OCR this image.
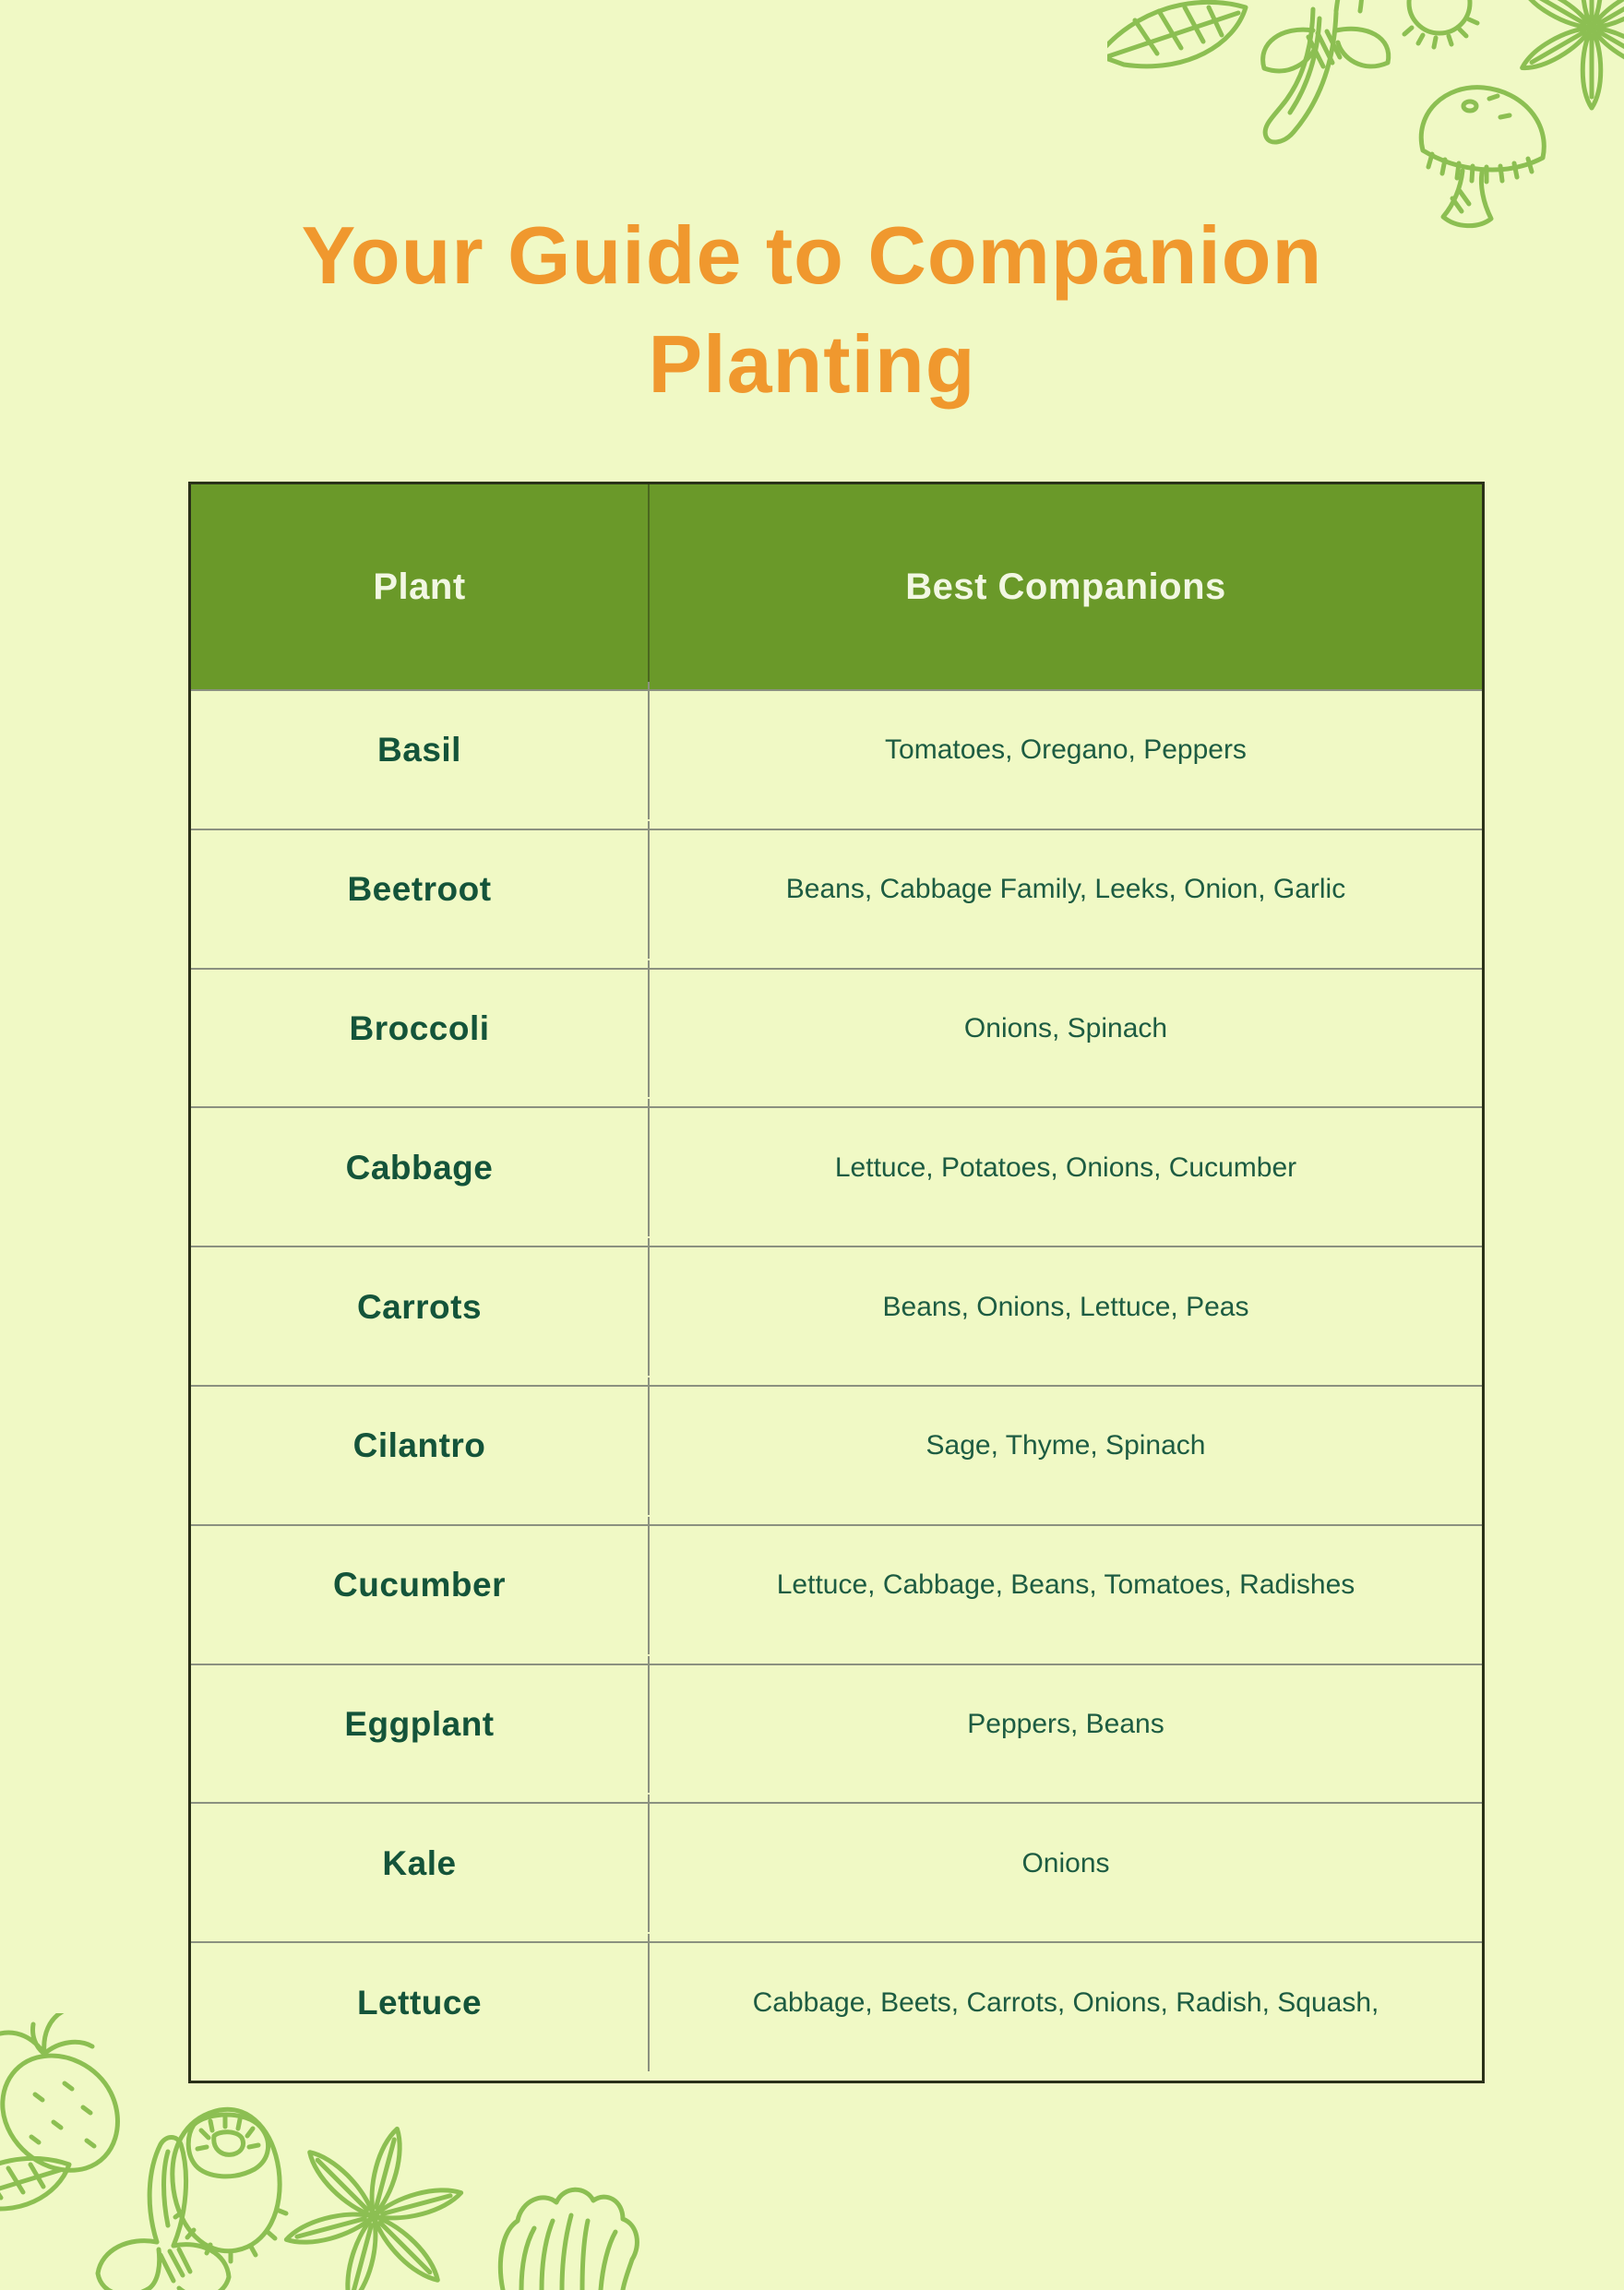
Your Guide to Companion
Planting
Plant	Best Companions
Basil	Tomatoes, Oregano, Peppers
Beetroot	Beans, Cabbage Family, Leeks, Onion, Garlic
Broccoli	Onions, Spinach
Cabbage	Lettuce, Potatoes, Onions, Cucumber
Carrots	Beans, Onions, Lettuce, Peas
Cilantro	Sage, Thyme, Spinach
Cucumber	Lettuce, Cabbage, Beans, Tomatoes, Radishes
Eggplant	Peppers, Beans
Kale	Onions
Lettuce	Cabbage, Beets, Carrots, Onions, Radish, Squash,
